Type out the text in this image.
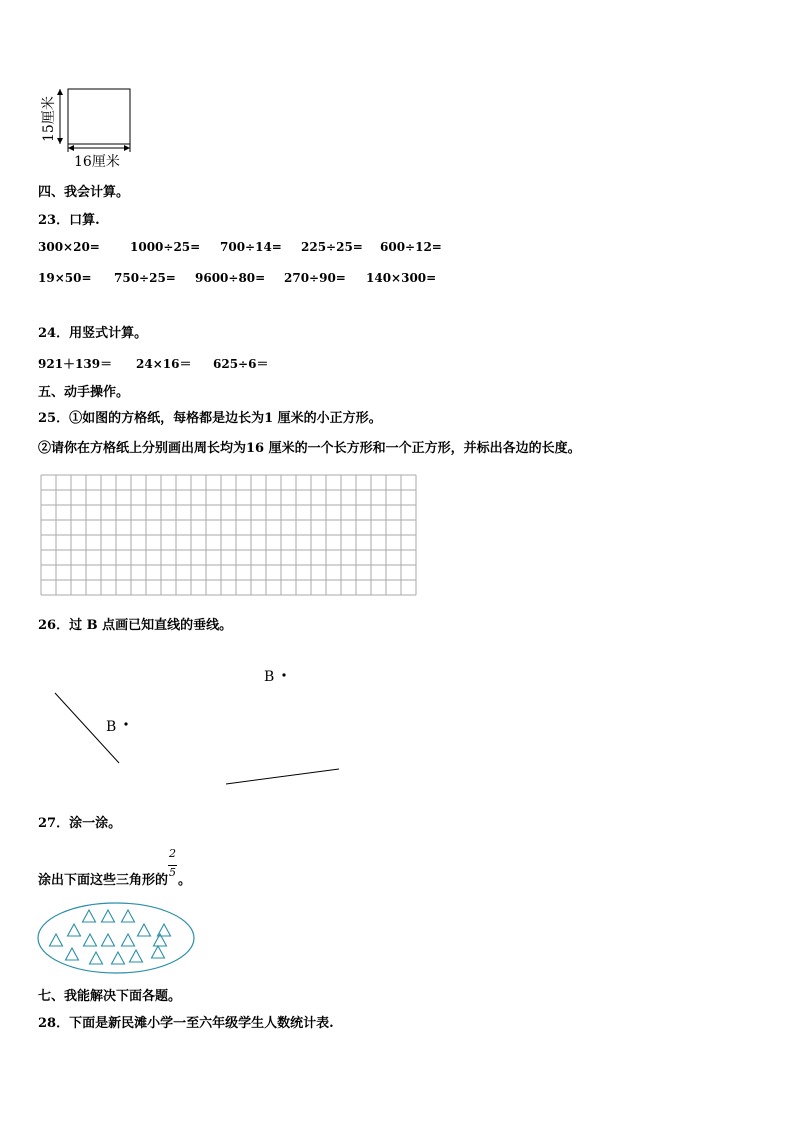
15厘米
16厘米
四、我会计算。
23．口算.
300×20=	1000÷25= 700÷14= 225÷25= 600÷12=
19×50= 750÷25= 9600÷80= 270÷90= 140×300=
24．用竖式计算。
921＋139＝ 24×16＝ 625÷6＝
五、动手操作。
25．①如图的方格纸，每格都是边长为1 厘米的小正方形。
②请你在方格纸上分别画出周长均为16 厘米的一个长方形和一个正方形，并标出各边的长度。
26．过 B 点画已知直线的垂线。
B
B
27．涂一涂。
涂出下面这些三角形的 $\frac{2}{5}$ 。
七、我能解决下面各题。
28．下面是新民滩小学一至六年级学生人数统计表.
